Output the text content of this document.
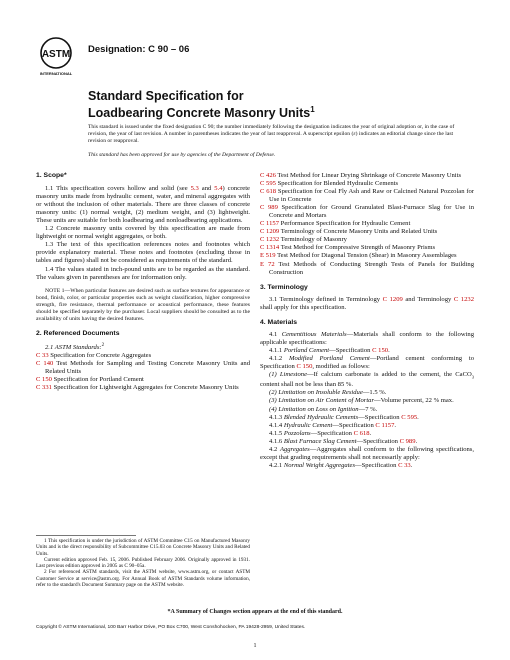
ASTM
INTERNATIONAL
Designation: C 90 – 06
Standard Specification for
Loadbearing Concrete Masonry Units$^1$
This standard is issued under the fixed designation C 90; the number immediately following the designation indicates the year of original adoption or, in the case of revision, the year of last revision. A number in parentheses indicates the year of last reapproval. A superscript epsilon (ε) indicates an editorial change since the last revision or reapproval.
This standard has been approved for use by agencies of the Department of Defense.

1. Scope*

1.1 This specification covers hollow and solid (see 5.3 and 5.4) concrete masonry units made from hydraulic cement, water, and mineral aggregates with or without the inclusion of other materials. There are three classes of concrete masonry units: (1) normal weight, (2) medium weight, and (3) lightweight. These units are suitable for both loadbearing and nonloadbearing applications.

1.2 Concrete masonry units covered by this specification are made from lightweight or normal weight aggregates, or both.

1.3 The text of this specification references notes and footnotes which provide explanatory material. These notes and footnotes (excluding those in tables and figures) shall not be considered as requirements of the standard.

1.4 The values stated in inch-pound units are to be regarded as the standard. The values given in parentheses are for information only.

NOTE 1—When particular features are desired such as surface textures for appearance or bond, finish, color, or particular properties such as weight classification, higher compressive strength, fire resistance, thermal performance or acoustical performance, these features should be specified separately by the purchaser. Local suppliers should be consulted as to the availability of units having the desired features.

2. Referenced Documents

2.1 ASTM Standards:$^2$

C 33 Specification for Concrete Aggregates

C 140 Test Methods for Sampling and Testing Concrete Masonry Units and Related Units

C 150 Specification for Portland Cement

C 331 Specification for Lightweight Aggregates for Concrete Masonry Units

1 This specification is under the jurisdiction of ASTM Committee C15 on Manufactured Masonry Units and is the direct responsibility of Subcommittee C15.03 on Concrete Masonry Units and Related Units.

Current edition approved Feb. 15, 2006. Published February 2006. Originally approved in 1931. Last previous edition approved in 2005 as C 90–05a.

2 For referenced ASTM standards, visit the ASTM website, www.astm.org, or contact ASTM Customer Service at service@astm.org. For Annual Book of ASTM Standards volume information, refer to the standard's Document Summary page on the ASTM website.

C 426 Test Method for Linear Drying Shrinkage of Concrete Masonry Units

C 595 Specification for Blended Hydraulic Cements

C 618 Specification for Coal Fly Ash and Raw or Calcined Natural Pozzolan for Use in Concrete

C 989 Specification for Ground Granulated Blast-Furnace Slag for Use in Concrete and Mortars

C 1157 Performance Specification for Hydraulic Cement

C 1209 Terminology of Concrete Masonry Units and Related Units

C 1232 Terminology of Masonry

C 1314 Test Method for Compressive Strength of Masonry Prisms

E 519 Test Method for Diagonal Tension (Shear) in Masonry Assemblages

E 72 Test Methods of Conducting Strength Tests of Panels for Building Construction

3. Terminology

3.1 Terminology defined in Terminology C 1209 and Terminology C 1232 shall apply for this specification.

4. Materials

4.1 Cementitious Materials—Materials shall conform to the following applicable specifications:

4.1.1 Portland Cement—Specification C 150.

4.1.2 Modified Portland Cement—Portland cement conforming to Specification C 150, modified as follows:

(1) Limestone—If calcium carbonate is added to the cement, the CaCO$_3$ content shall not be less than 85 %.

(2) Limitation on Insoluble Residue—1.5 %.

(3) Limitation on Air Content of Mortar—Volume percent, 22 % max.

(4) Limitation on Loss on Ignition—7 %.

4.1.3 Blended Hydraulic Cements—Specification C 595.

4.1.4 Hydraulic Cement—Specification C 1157.

4.1.5 Pozzolans—Specification C 618.

4.1.6 Blast Furnace Slag Cement—Specification C 989.

4.2 Aggregates—Aggregates shall conform to the following specifications, except that grading requirements shall not necessarily apply:

4.2.1 Normal Weight Aggregates—Specification C 33.

*A Summary of Changes section appears at the end of this standard.
Copyright © ASTM International, 100 Barr Harbor Drive, PO Box C700, West Conshohocken, PA 19428-2959, United States.
1
